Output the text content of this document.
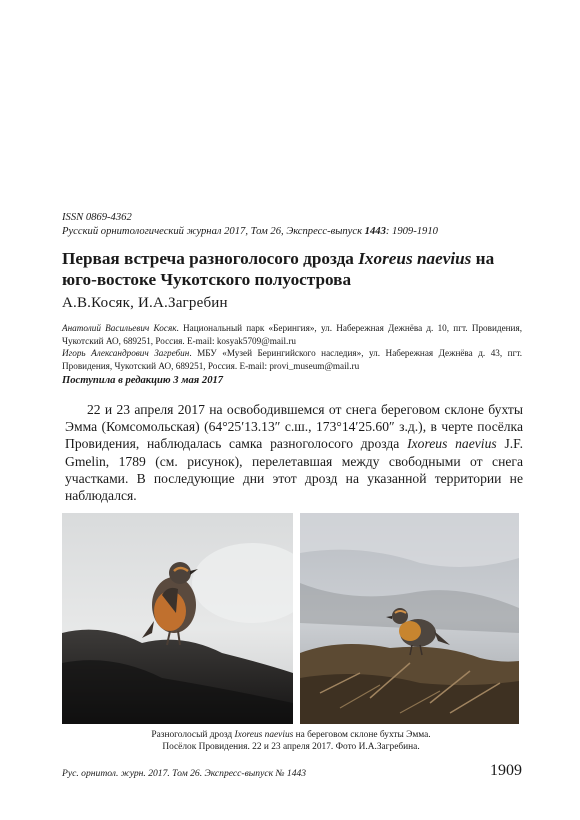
ISSN 0869-4362
Русский орнитологический журнал 2017, Том 26, Экспресс-выпуск 1443: 1909-1910
Первая встреча разноголосого дрозда Ixoreus naevius на юго-востоке Чукотского полуострова
А.В.Косяк, И.А.Загребин
Анатолий Васильевич Косяк. Национальный парк «Берингия», ул. Набережная Дежнёва д. 10, пгт. Провидения, Чукотский АО, 689251, Россия. E-mail: kosyak5709@mail.ru
Игорь Александрович Загребин. МБУ «Музей Берингийского наследия», ул. Набережная Дежнёва д. 43, пгт. Провидения, Чукотский АО, 689251, Россия. E-mail: provi_museum@mail.ru
Поступила в редакцию 3 мая 2017
22 и 23 апреля 2017 на освободившемся от снега береговом склоне бухты Эмма (Комсомольская) (64°25′13.13″ с.ш., 173°14′25.60″ з.д.), в черте посёлка Провидения, наблюдалась самка разноголосого дрозда Ixoreus naevius J.F. Gmelin, 1789 (см. рисунок), перелетавшая между свободными от снега участками. В последующие дни этот дрозд на указанной территории не наблюдался.
Разноголосый дрозд Ixoreus naevius на береговом склоне бухты Эмма.
Посёлок Провидения. 22 и 23 апреля 2017. Фото И.А.Загребина.
Рус. орнитол. журн. 2017. Том 26. Экспресс-выпуск № 1443	1909
